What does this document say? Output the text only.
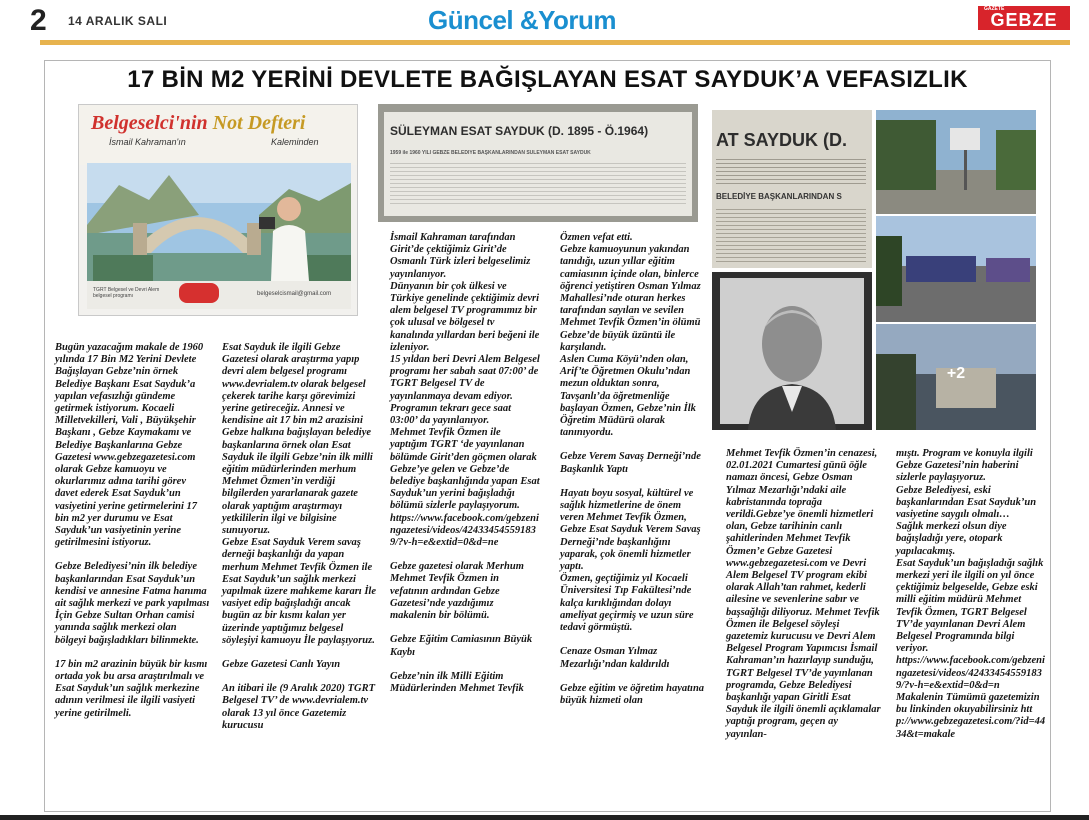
2 14 ARALIK SALI	Güncel &Yorum	GAZETE
GEBZE
17 BİN M2 YERİNİ DEVLETE BAĞIŞLAYAN ESAT SAYDUK’A VEFASIZLIK
Belgeselci'nin Not Defteri
İsmail Kahraman'ın	Kaleminden
TGRT Belgesel ve Devri Alem belgesel programı	belgeselcismail@gmail.com
SÜLEYMAN ESAT SAYDUK (D. 1895 - Ö.1964)
1959 ile 1960 YILI GEBZE BELEDİYE BAŞKANLARINDAN SÜLEYMAN ESAT SAYDUK
AT SAYDUK (D.
BELEDİYE BAŞKANLARINDAN S
+2

Bugün yazacağım makale de 1960 yılında 17 Bin M2 Yerini Devlete Bağışlayan Gebze’nin örnek Belediye Başkanı Esat Sayduk’a yapılan vefasızlığı gündeme getirmek istiyorum. Kocaeli Milletvekilleri, Vali , Büyükşehir Başkanı , Gebze Kaymakamı ve Belediye Başkanlarına Gebze Gazetesi www.gebzegazetesi.com olarak Gebze kamuoyu ve okurlarımız adına tarihi görev davet ederek Esat Sayduk’un vasiyetini yerine getirmelerini 17 bin m2 yer durumu ve Esat Sayduk’un vasiyetinin yerine getirilmesini istiyoruz.

Gebze Belediyesi’nin ilk belediye başkanlarından Esat Sayduk’un kendisi ve annesine Fatma hanıma ait sağlık merkezi ve park yapılması İçin Gebze Sultan Orhan camisi yanında sağlık merkezi olan bölgeyi bağışladıkları bilinmekte.

17 bin m2 arazinin büyük bir kısmı ortada yok bu arsa araştırılmalı ve Esat Sayduk’un sağlık merkezine adının verilmesi ile ilgili vasiyeti yerine getirilmeli.

Esat Sayduk ile ilgili Gebze Gazetesi olarak araştırma yapıp devri alem belgesel programı www.devrialem.tv olarak belgesel çekerek tarihe karşı görevimizi yerine getireceğiz. Annesi ve kendisine ait 17 bin m2 arazisini Gebze halkına bağışlayan belediye başkanlarına örnek olan Esat Sayduk ile ilgili Gebze’nin ilk milli eğitim müdürlerinden merhum Mehmet Özmen’in verdiği bilgilerden yararlanarak gazete olarak yaptığım araştırmayı yetkililerin ilgi ve bilgisine sunuyoruz.

Gebze Esat Sayduk Verem savaş derneği başkanlığı da yapan merhum Mehmet Tevfik Özmen ile Esat Sayduk’un sağlık merkezi yapılmak üzere mahkeme kararı İle vasiyet edip bağışladığı ancak bugün az bir kısmı kalan yer üzerinde yaptığımız belgesel söyleşiyi kamuoyu İle paylaşıyoruz.

Gebze Gazetesi Canlı Yayın

An itibari ile (9 Aralık 2020) TGRT Belgesel TV’ de www.devrialem.tv olarak 13 yıl önce Gazetemiz kurucusu

İsmail Kahraman tarafından Girit’de çektiğimiz Girit’de Osmanlı Türk izleri belgeselimiz yayınlanıyor.

Dünyanın bir çok ülkesi ve Türkiye genelinde çektiğimiz devri alem belgesel TV programımız bir çok ulusal ve bölgesel tv kanalında yıllardan beri beğeni ile izleniyor.

15 yıldan beri Devri Alem Belgesel programı her sabah saat 07:00’ de TGRT Belgesel TV de yayınlanmaya devam ediyor. Programın tekrarı gece saat 03:00’ da yayınlanıyor.

Mehmet Tevfik Özmen ile yaptığım TGRT ‘de yayınlanan bölümde Girit’den göçmen olarak Gebze’ye gelen ve Gebze’de belediye başkanlığında yapan Esat Sayduk’un yerini bağışladığı bölümü sizlerle paylaşıyorum.

https://www.facebook.com/gebzeningazetesi/videos/424334545591839/?v-h=e&extid=0&d=ne

Gebze gazetesi olarak Merhum Mehmet Tevfik Özmen in vefatının ardından Gebze Gazetesi’nde yazdığımız makalenin bir bölümü.

Gebze Eğitim Camiasının Büyük Kaybı

Gebze’nin ilk Milli Eğitim Müdürlerinden Mehmet Tevfik

Özmen vefat etti.

Gebze kamuoyunun yakından tanıdığı, uzun yıllar eğitim camiasının içinde olan, binlerce öğrenci yetiştiren Osman Yılmaz Mahallesi’nde oturan herkes tarafından sayılan ve sevilen Mehmet Tevfik Özmen’in ölümü Gebze’de büyük üzüntü ile karşılandı.

Aslen Cuma Köyü’nden olan, Arif’te Öğretmen Okulu’ndan mezun olduktan sonra, Tavşanlı’da öğretmenliğe başlayan Özmen, Gebze’nin İlk Öğretim Müdürü olarak tanınıyordu.

Gebze Verem Savaş Derneği’nde Başkanlık Yaptı

Hayatı boyu sosyal, kültürel ve sağlık hizmetlerine de önem veren Mehmet Tevfik Özmen, Gebze Esat Sayduk Verem Savaş Derneği’nde başkanlığını yaparak, çok önemli hizmetler yaptı.

Özmen, geçtiğimiz yıl Kocaeli Üniversitesi Tıp Fakültesi’nde kalça kırıklığından dolayı ameliyat geçirmiş ve uzun süre tedavi görmüştü.

Cenaze Osman Yılmaz Mezarlığı’ndan kaldırıldı

Gebze eğitim ve öğretim hayatına büyük hizmeti olan

Mehmet Tevfik Özmen’in cenazesi, 02.01.2021 Cumartesi günü öğle namazı öncesi, Gebze Osman Yılmaz Mezarlığı’ndaki aile kabristanında toprağa verildi.Gebze’ye önemli hizmetleri olan, Gebze tarihinin canlı şahitlerinden Mehmet Tevfik Özmen’e Gebze Gazetesi www.gebzegazetesi.com ve Devri Alem Belgesel TV program ekibi olarak Allah’tan rahmet, kederli ailesine ve sevenlerine sabır ve başsağlığı diliyoruz. Mehmet Tevfik Özmen ile Belgesel söyleşi gazetemiz kurucusu ve Devri Alem Belgesel Program Yapımcısı İsmail Kahraman’ın hazırlayıp sunduğu, TGRT Belgesel TV’de yayınlanan programda, Gebze Belediyesi başkanlığı yapan Giritli Esat Sayduk ile ilgili önemli açıklamalar yaptığı program, geçen ay yayınlan-

mıştı. Program ve konuyla ilgili Gebze Gazetesi’nin haberini sizlerle paylaşıyoruz.

Gebze Belediyesi, eski başkanlarından Esat Sayduk’un vasiyetine saygılı olmalı…

Sağlık merkezi olsun diye bağışladığı yere, otopark yapılacakmış.

Esat Sayduk’un bağışladığı sağlık merkezi yeri ile ilgili on yıl önce çektiğimiz belgeselde, Gebze eski milli eğitim müdürü Mehmet Tevfik Özmen, TGRT Belgesel TV’de yayınlanan Devri Alem Belgesel Programında bilgi veriyor.

https://www.facebook.com/gebzeningazetesi/videos/424334545591839/?v-h=e&extid=0&d=n

Makalenin Tümümü gazetemizin bu linkinden okuyabilirsiniz http://www.gebzegazetesi.com/?id=4434&t=makale
